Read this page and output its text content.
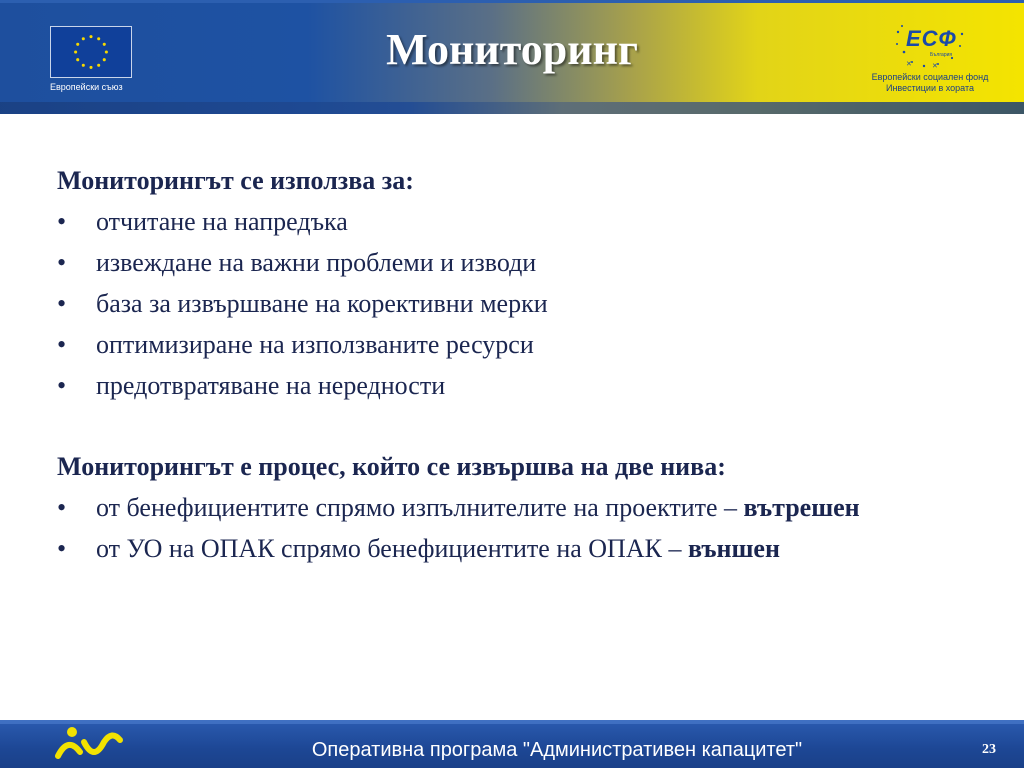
Европейски съюз
Мониторинг	✕	✕
ЕСФ
България
Европейски социален фонд
Инвестиции в хората
Мониторингът се използва за:
• отчитане на напредъка
• извеждане на важни проблеми и изводи
• база за извършване на корективни мерки
• оптимизиране на използваните ресурси
• предотвратяване на нередности
Мониторингът е процес, който се извършва на две нива:
• от бенефициентите спрямо изпълнителите на проектите – вътрешен
• от УО на ОПАК спрямо бенефициентите на ОПАК – външен
Оперативна програма "Административен капацитет"	23
